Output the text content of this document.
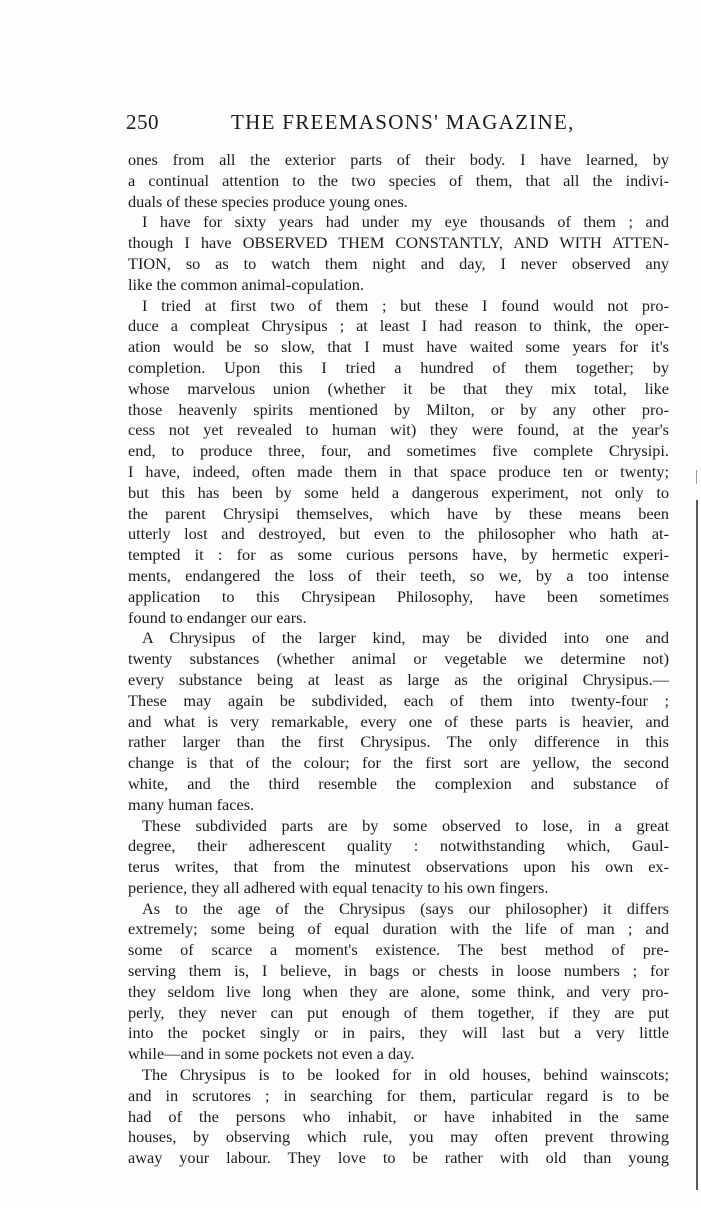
250	THE FREEMASONS' MAGAZINE,
ones from all the exterior parts of their body. I have learned, by
a continual attention to the two species of them, that all the indivi-
duals of these species produce young ones.
I have for sixty years had under my eye thousands of them ; and
though I have OBSERVED THEM CONSTANTLY, AND WITH ATTEN-
TION, so as to watch them night and day, I never observed any
like the common animal-copulation.
I tried at first two of them ; but these I found would not pro-
duce a compleat Chrysipus ; at least I had reason to think, the oper-
ation would be so slow, that I must have waited some years for it's
completion. Upon this I tried a hundred of them together; by
whose marvelous union (whether it be that they mix total, like
those heavenly spirits mentioned by Milton, or by any other pro-
cess not yet revealed to human wit) they were found, at the year's
end, to produce three, four, and sometimes five complete Chrysipi.
I have, indeed, often made them in that space produce ten or twenty;
but this has been by some held a dangerous experiment, not only to
the parent Chrysipi themselves, which have by these means been
utterly lost and destroyed, but even to the philosopher who hath at-
tempted it : for as some curious persons have, by hermetic experi-
ments, endangered the loss of their teeth, so we, by a too intense
application to this Chrysipean Philosophy, have been sometimes
found to endanger our ears.
A Chrysipus of the larger kind, may be divided into one and
twenty substances (whether animal or vegetable we determine not)
every substance being at least as large as the original Chrysipus.—
These may again be subdivided, each of them into twenty-four ;
and what is very remarkable, every one of these parts is heavier, and
rather larger than the first Chrysipus. The only difference in this
change is that of the colour; for the first sort are yellow, the second
white, and the third resemble the complexion and substance of
many human faces.
These subdivided parts are by some observed to lose, in a great
degree, their adherescent quality : notwithstanding which, Gaul-
terus writes, that from the minutest observations upon his own ex-
perience, they all adhered with equal tenacity to his own fingers.
As to the age of the Chrysipus (says our philosopher) it differs
extremely; some being of equal duration with the life of man ; and
some of scarce a moment's existence. The best method of pre-
serving them is, I believe, in bags or chests in loose numbers ; for
they seldom live long when they are alone, some think, and very pro-
perly, they never can put enough of them together, if they are put
into the pocket singly or in pairs, they will last but a very little
while—and in some pockets not even a day.
The Chrysipus is to be looked for in old houses, behind wainscots;
and in scrutores ; in searching for them, particular regard is to be
had of the persons who inhabit, or have inhabited in the same
houses, by observing which rule, you may often prevent throwing
away your labour. They love to be rather with old than young
